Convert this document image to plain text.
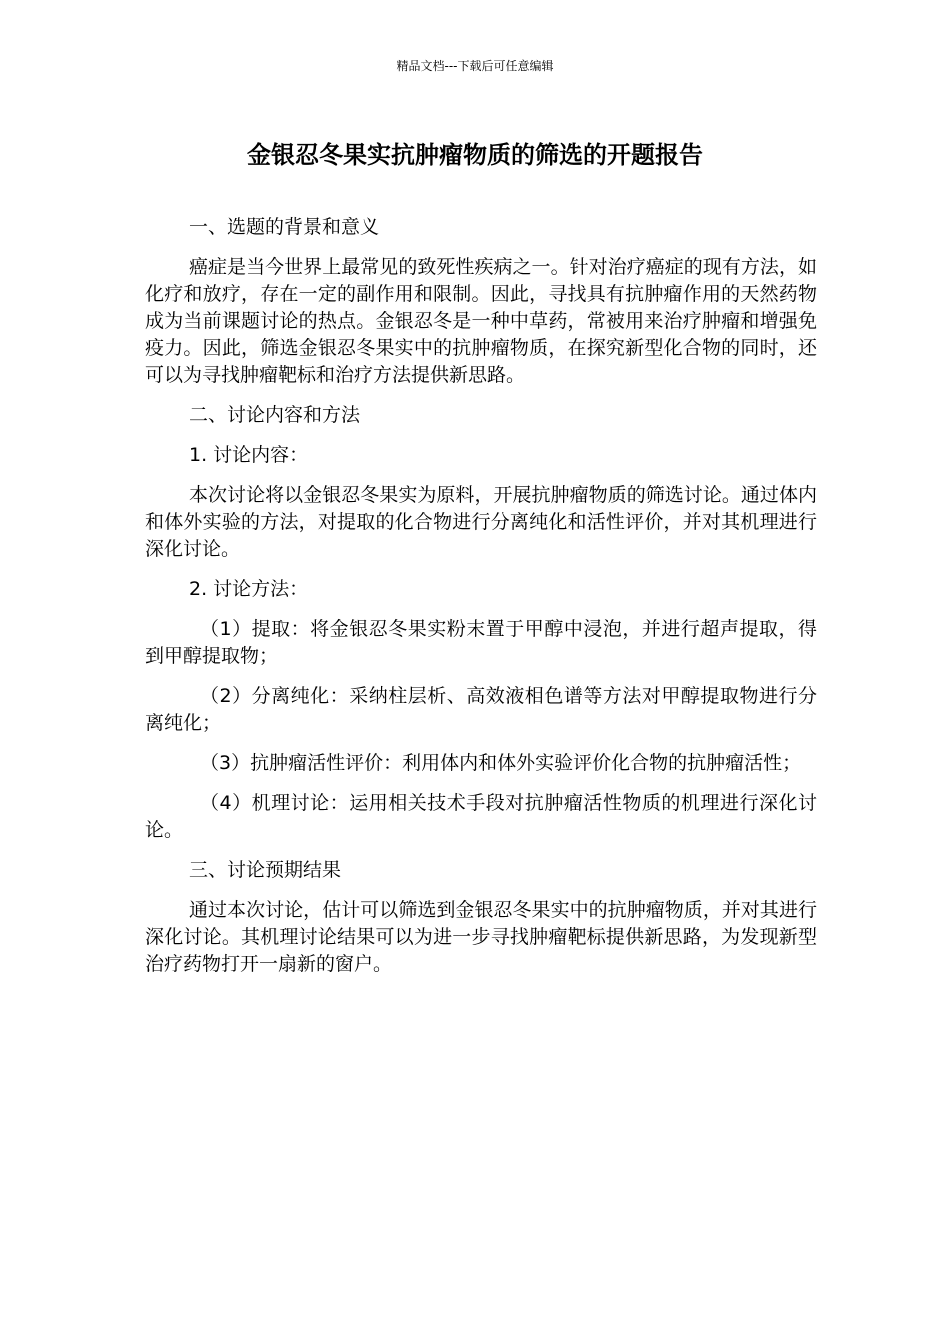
精品文档---下载后可任意编辑
金银忍冬果实抗肿瘤物质的筛选的开题报告

一、选题的背景和意义

癌症是当今世界上最常见的致死性疾病之一。针对治疗癌症的现有方法，如化疗和放疗，存在一定的副作用和限制。因此，寻找具有抗肿瘤作用的天然药物成为当前课题讨论的热点。金银忍冬是一种中草药，常被用来治疗肿瘤和增强免疫力。因此，筛选金银忍冬果实中的抗肿瘤物质，在探究新型化合物的同时，还可以为寻找肿瘤靶标和治疗方法提供新思路。

二、讨论内容和方法

1. 讨论内容：

本次讨论将以金银忍冬果实为原料，开展抗肿瘤物质的筛选讨论。通过体内和体外实验的方法，对提取的化合物进行分离纯化和活性评价，并对其机理进行深化讨论。

2. 讨论方法：

（1）提取：将金银忍冬果实粉末置于甲醇中浸泡，并进行超声提取，得到甲醇提取物；

（2）分离纯化：采纳柱层析、高效液相色谱等方法对甲醇提取物进行分离纯化；

（3）抗肿瘤活性评价：利用体内和体外实验评价化合物的抗肿瘤活性；

（4）机理讨论：运用相关技术手段对抗肿瘤活性物质的机理进行深化讨论。

三、讨论预期结果

通过本次讨论，估计可以筛选到金银忍冬果实中的抗肿瘤物质，并对其进行深化讨论。其机理讨论结果可以为进一步寻找肿瘤靶标提供新思路，为发现新型治疗药物打开一扇新的窗户。
